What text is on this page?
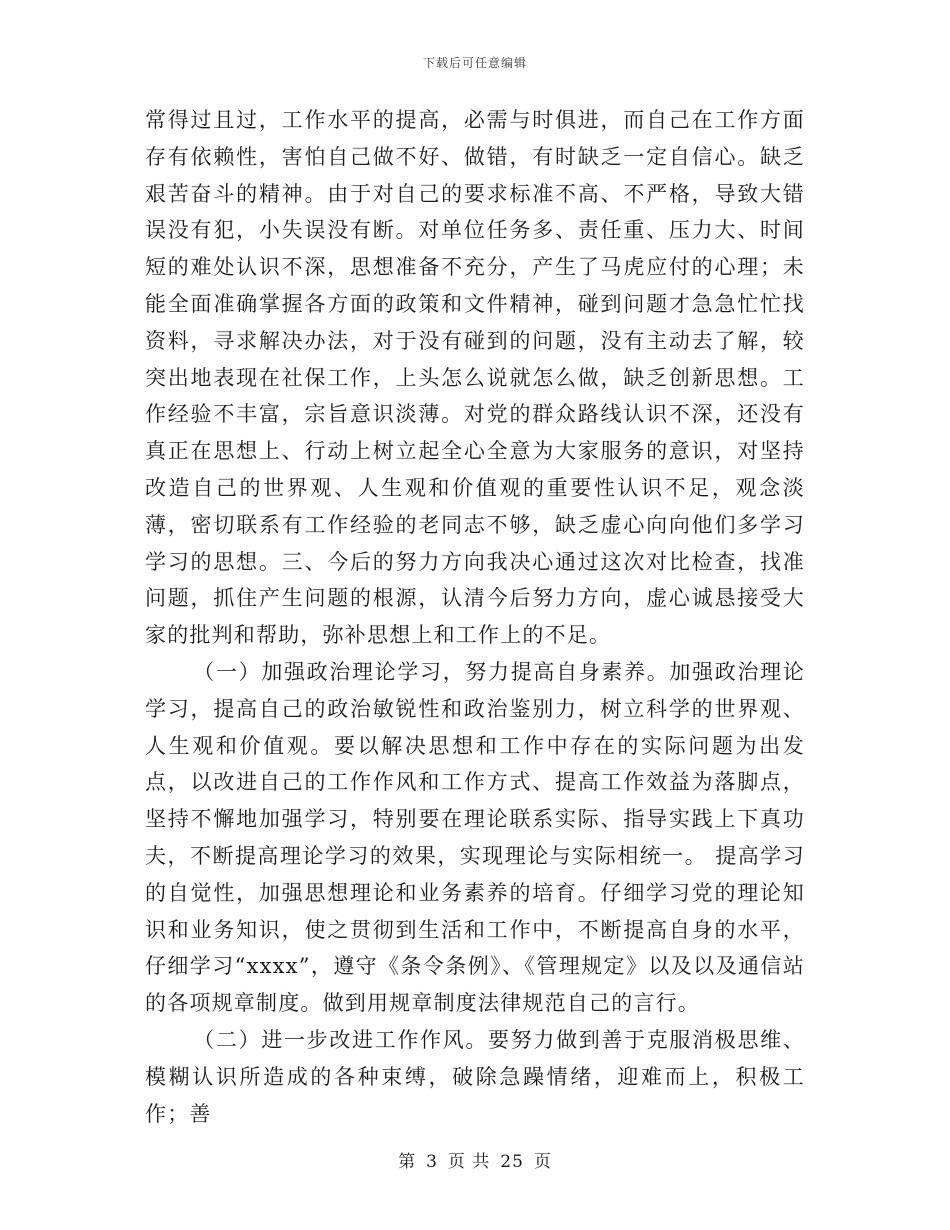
下载后可任意编辑

常得过且过，工作水平的提高，必需与时俱进，而自己在工作方面存有依赖性，害怕自己做不好、做错，有时缺乏一定自信心。缺乏艰苦奋斗的精神。由于对自己的要求标准不高、不严格，导致大错误没有犯，小失误没有断。对单位任务多、责任重、压力大、时间短的难处认识不深，思想准备不充分，产生了马虎应付的心理；未能全面准确掌握各方面的政策和文件精神，碰到问题才急急忙忙找资料，寻求解决办法，对于没有碰到的问题，没有主动去了解，较突出地表现在社保工作，上头怎么说就怎么做，缺乏创新思想。工作经验不丰富，宗旨意识淡薄。对党的群众路线认识不深，还没有真正在思想上、行动上树立起全心全意为大家服务的意识，对坚持改造自己的世界观、人生观和价值观的重要性认识不足，观念淡薄，密切联系有工作经验的老同志不够，缺乏虚心向向他们多学习学习的思想。三、今后的努力方向我决心通过这次对比检查，找准问题，抓住产生问题的根源，认清今后努力方向，虚心诚恳接受大家的批判和帮助，弥补思想上和工作上的不足。

（一）加强政治理论学习，努力提高自身素养。加强政治理论学习，提高自己的政治敏锐性和政治鉴别力，树立科学的世界观、人生观和价值观。要以解决思想和工作中存在的实际问题为出发点，以改进自己的工作作风和工作方式、提高工作效益为落脚点，坚持不懈地加强学习，特别要在理论联系实际、指导实践上下真功夫，不断提高理论学习的效果，实现理论与实际相统一。 提高学习的自觉性，加强思想理论和业务素养的培育。仔细学习党的理论知识和业务知识，使之贯彻到生活和工作中，不断提高自身的水平，仔细学习“xxxx”，遵守《条令条例》、《管理规定》以及以及通信站的各项规章制度。做到用规章制度法律规范自己的言行。

（二）进一步改进工作作风。要努力做到善于克服消极思维、模糊认识所造成的各种束缚，破除急躁情绪，迎难而上，积极工作；善

第 3 页 共 25 页
